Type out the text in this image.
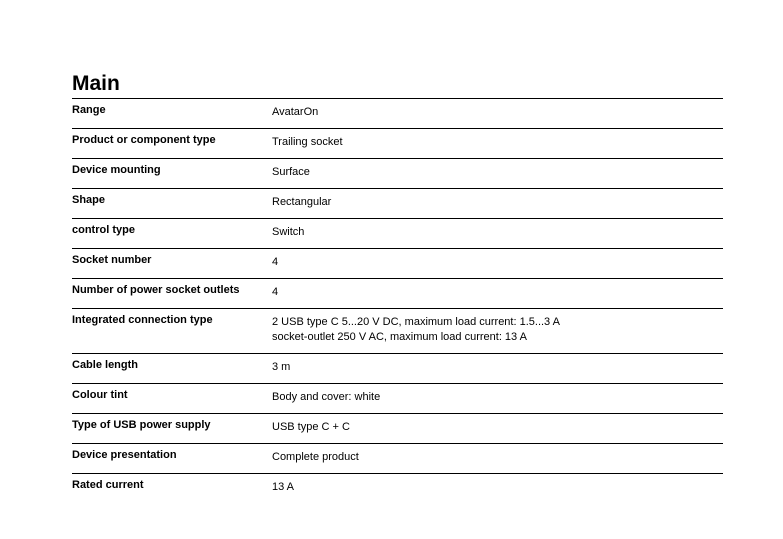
Main
Range	AvatarOn

Product or component type	Trailing socket

Device mounting	Surface

Shape	Rectangular

control type	Switch

Socket number	4

Number of power socket outlets	4

Integrated connection type	2 USB type C 5...20 V DC, maximum load current: 1.5...3 A
socket-outlet 250 V AC, maximum load current: 13 A

Cable length	3 m

Colour tint	Body and cover: white

Type of USB power supply	USB type C + C

Device presentation	Complete product

Rated current	13 A
